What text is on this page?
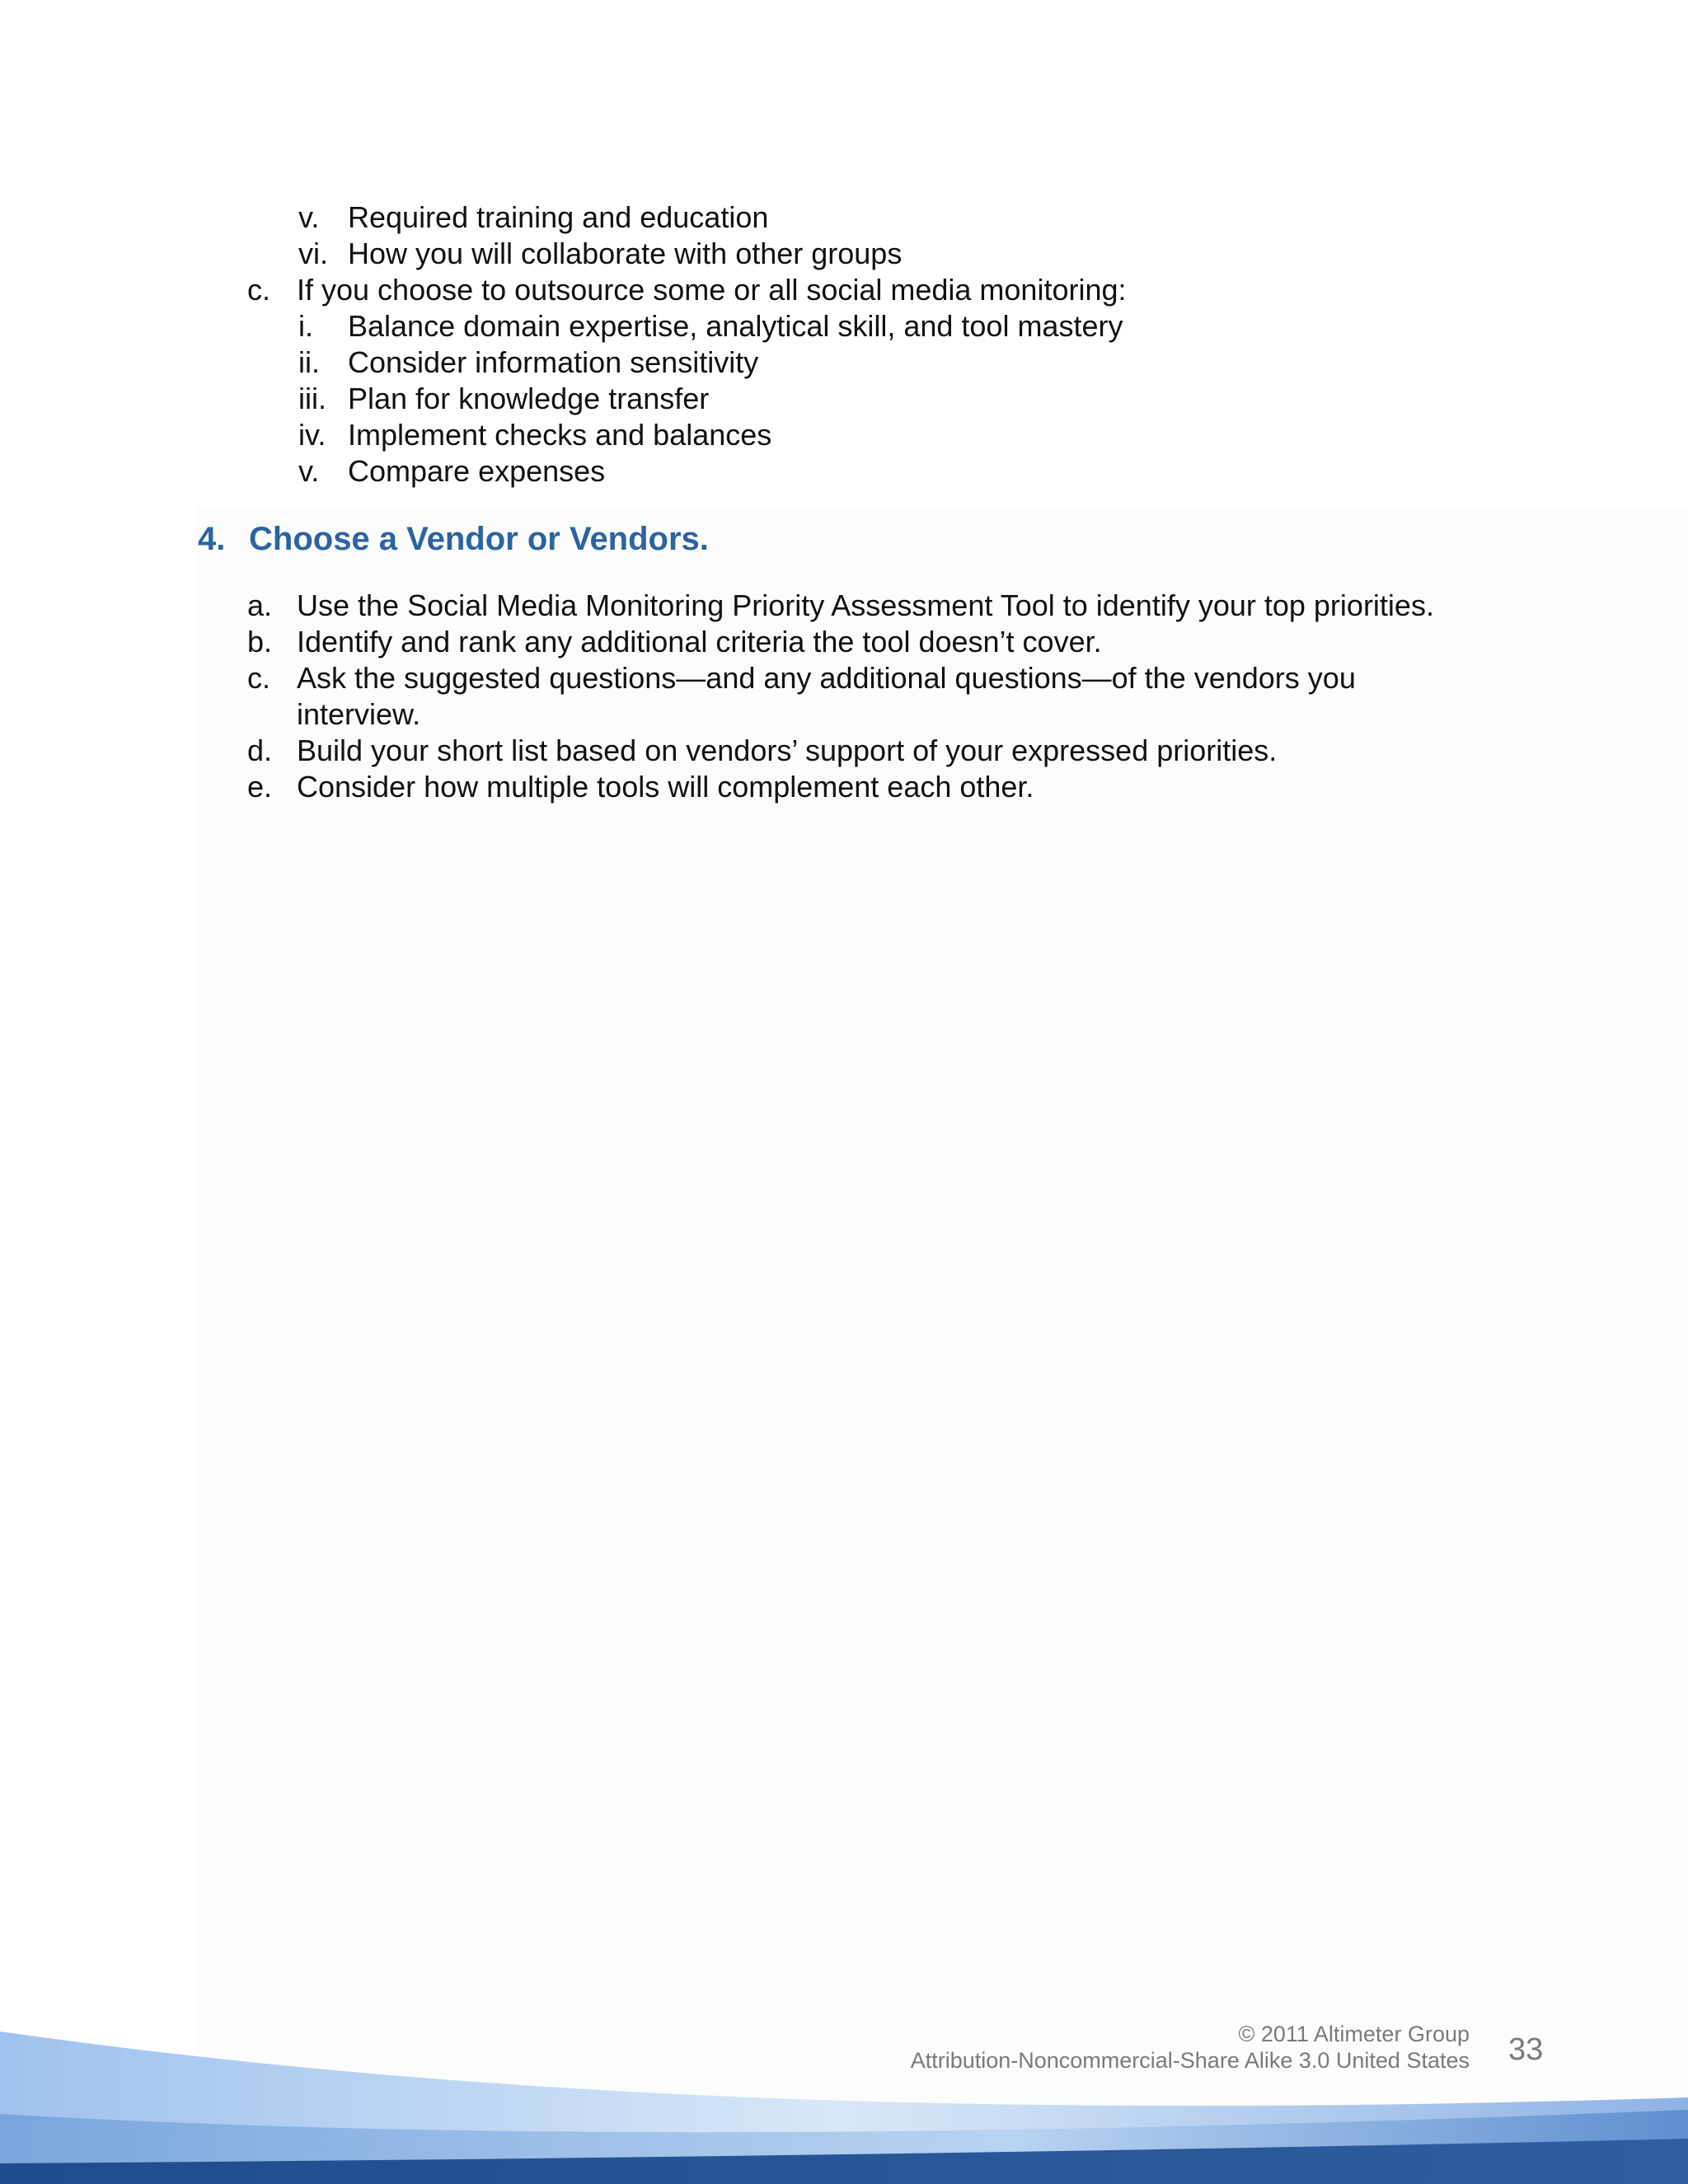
v. Required training and education
vi. How you will collaborate with other groups
c. If you choose to outsource some or all social media monitoring:
i. Balance domain expertise, analytical skill, and tool mastery
ii. Consider information sensitivity
iii. Plan for knowledge transfer
iv. Implement checks and balances
v. Compare expenses
4. Choose a Vendor or Vendors.
a. Use the Social Media Monitoring Priority Assessment Tool to identify your top priorities.
b. Identify and rank any additional criteria the tool doesn’t cover.
c. Ask the suggested questions—and any additional questions—of the vendors you
interview.
d. Build your short list based on vendors’ support of your expressed priorities.
e. Consider how multiple tools will complement each other.
© 2011 Altimeter Group
Attribution-Noncommercial-Share Alike 3.0 United States 33
